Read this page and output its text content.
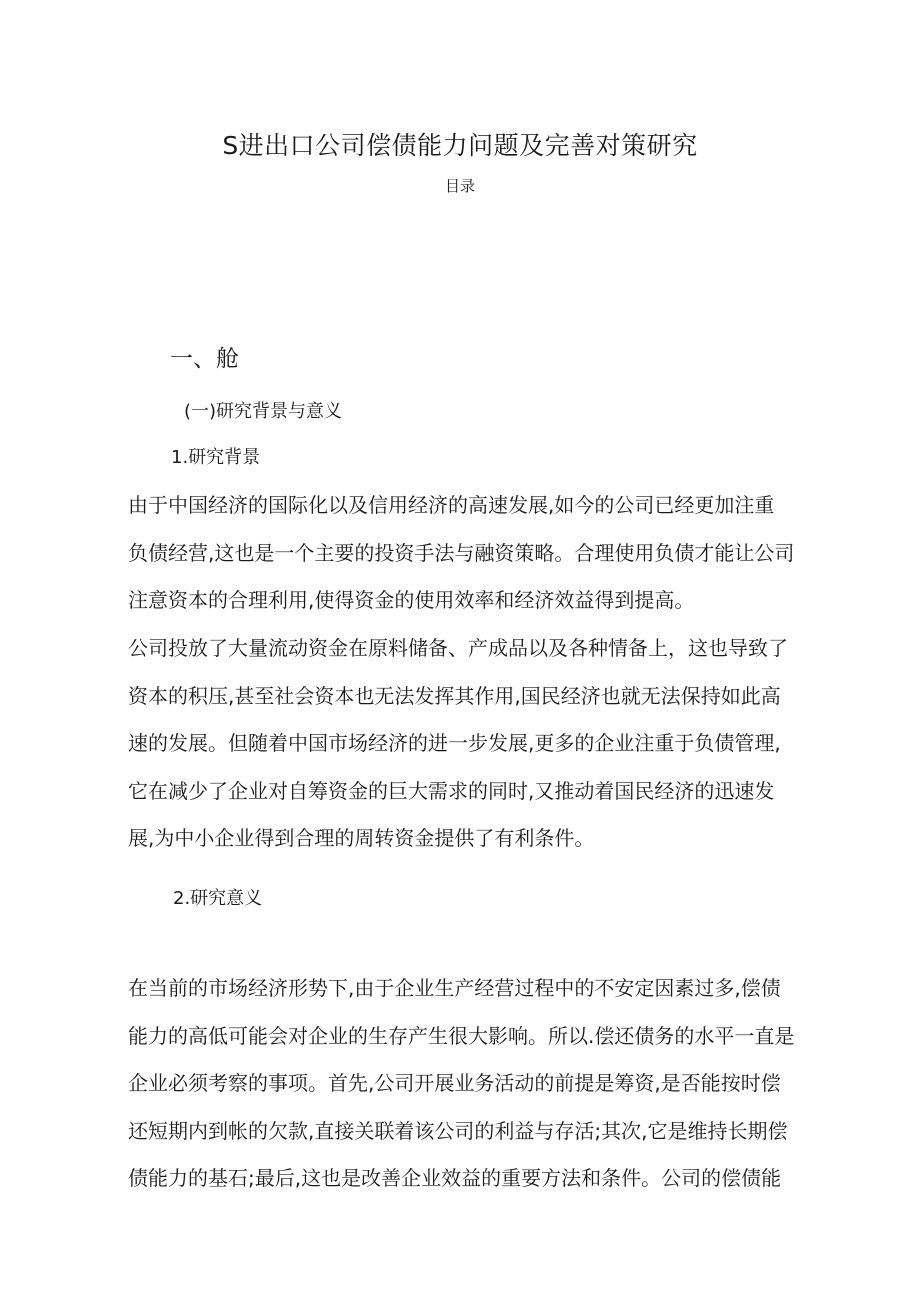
S进出口公司偿债能力问题及完善对策研究
目录
一、舱
(一)研究背景与意义
1.研究背景
由于中国经济的国际化以及信用经济的高速发展,如今的公司已经更加注重
负债经营,这也是一个主要的投资手法与融资策略。合理使用负债才能让公司
注意资本的合理利用,使得资金的使用效率和经济效益得到提高。
公司投放了大量流动资金在原料储备、产成品以及各种情备上，这也导致了
资本的积压,甚至社会资本也无法发挥其作用,国民经济也就无法保持如此高
速的发展。但随着中国市场经济的进一步发展,更多的企业注重于负债管理,
它在减少了企业对自筹资金的巨大需求的同时,又推动着国民经济的迅速发
展,为中小企业得到合理的周转资金提供了有利条件。
2.研究意义
在当前的市场经济形势下,由于企业生产经营过程中的不安定因素过多,偿债
能力的高低可能会对企业的生存产生很大影响。所以.偿还债务的水平一直是
企业必须考察的事项。首先,公司开展业务活动的前提是筹资,是否能按时偿
还短期内到帐的欠款,直接关联着该公司的利益与存活;其次,它是维持长期偿
债能力的基石;最后,这也是改善企业效益的重要方法和条件。公司的偿债能
